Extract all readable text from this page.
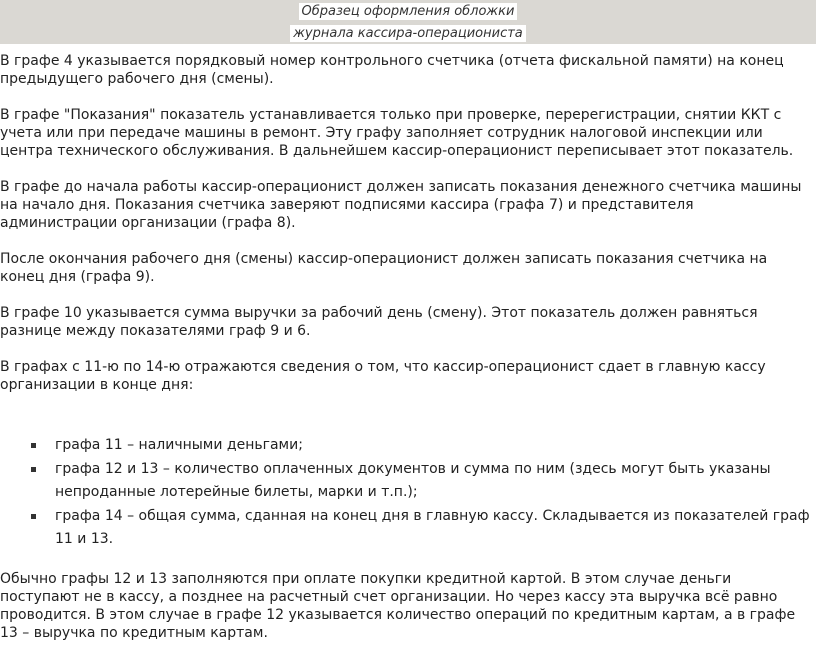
Образец оформления обложки
журнала кассира-операциониста

В графе 4 указывается порядковый номер контрольного счетчика (отчета фискальной памяти) на конец предыдущего рабочего дня (смены).

В графе "Показания" показатель устанавливается только при проверке, перерегистрации, снятии ККТ с учета или при передаче машины в ремонт. Эту графу заполняет сотрудник налоговой инспекции или центра технического обслуживания. В дальнейшем кассир-операционист переписывает этот показатель.

В графе до начала работы кассир-операционист должен записать показания денежного счетчика машины на начало дня. Показания счетчика заверяют подписями кассира (графа 7) и представителя администрации организации (графа 8).

После окончания рабочего дня (смены) кассир-операционист должен записать показания счетчика на конец дня (графа 9).

В графе 10 указывается сумма выручки за рабочий день (смену). Этот показатель должен равняться разнице между показателями граф 9 и 6.

В графах с 11-ю по 14-ю отражаются сведения о том, что кассир-операционист сдает в главную кассу организации в конце дня:

графа 11 – наличными деньгами;
графа 12 и 13 – количество оплаченных документов и сумма по ним (здесь могут быть указаны непроданные лотерейные билеты, марки и т.п.);
графа 14 – общая сумма, сданная на конец дня в главную кассу. Складывается из показателей граф 11 и 13.

Обычно графы 12 и 13 заполняются при оплате покупки кредитной картой. В этом случае деньги поступают не в кассу, а позднее на расчетный счет организации. Но через кассу эта выручка всё равно проводится. В этом случае в графе 12 указывается количество операций по кредитным картам, а в графе 13 – выручка по кредитным картам.
